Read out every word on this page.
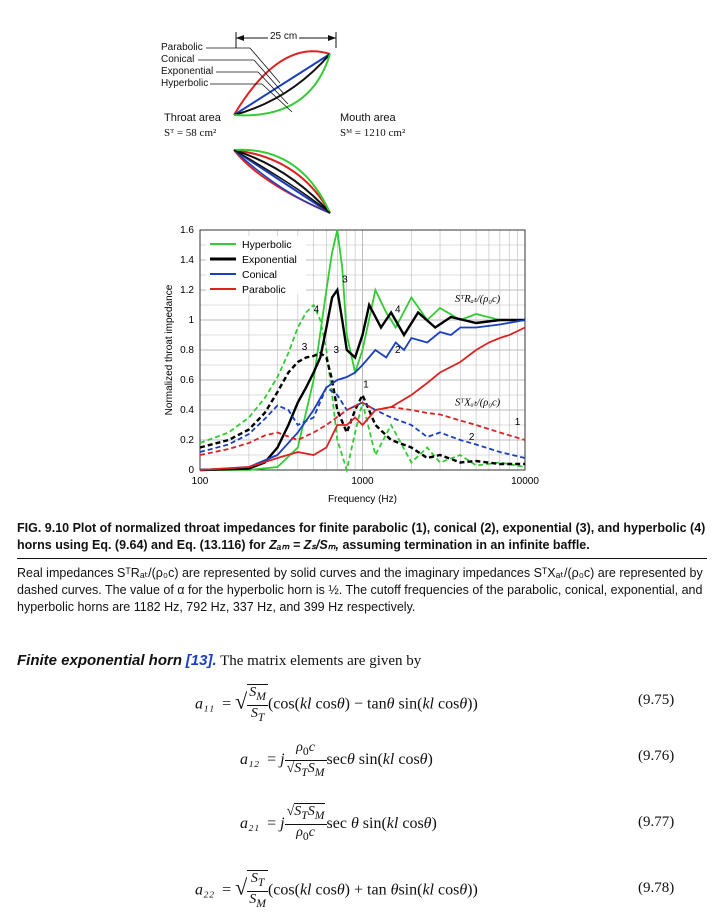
25 cm
Parabolic
Conical
Exponential
Hyperbolic
Throat area
Sᵀ = 58 cm²
Mouth area
Sᴹ = 1210 cm²
0
0.2
0.4
0.6
0.8
1
1.2
1.4
1.6
100	1000	10000
Frequency (Hz)
Normalized throat impedance
Hyperbolic
Exponential
Conical
Parabolic
SᵀRₐₜ/(ρ₀c)
SᵀXₐₜ/(ρ₀c)
1
2
3
4
3
3
1
2
4
FIG. 9.10 Plot of normalized throat impedances for finite parabolic (1), conical (2), exponential (3), and hyperbolic (4) horns using Eq. (9.64) and Eq. (13.116) for Zₐₘ = Zₛ/Sₘ, assuming termination in an infinite baffle.
Real impedances SᵀRₐₜ/(ρ₀c) are represented by solid curves and the imaginary impedances SᵀXₐₜ/(ρ₀c) are represented by dashed curves. The value of α for the hyperbolic horn is ½. The cutoff frequencies of the parabolic, conical, exponential, and hyperbolic horns are 1182 Hz, 792 Hz, 337 Hz, and 399 Hz respectively.
Finite exponential horn [13]. The matrix elements are given by
a₁₁  = √ $\frac{S_M}{S_T} (\cos(kl$ cosθ) − tanθ sin(kl cosθ))	(9.75)
a₁₂  = j $\frac{\rho_0c}{√S_TS_M}$ secθ sin(kl cosθ)	(9.76)
a₂₁  = j $\frac{√S_TS_M}{\rho_0c}$ sec θ sin(kl cosθ)	(9.77)
a₂₂  = √ $\frac{S_T}{S_M} (\cos(kl$ cosθ) + tan θsin(kl cosθ))	(9.78)
